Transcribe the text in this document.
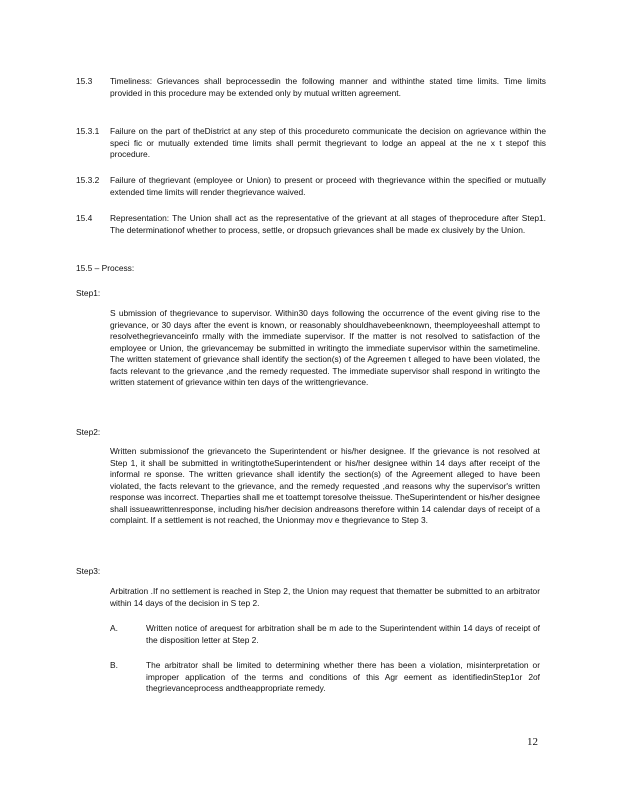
15.3	Timeliness: Grievances shall beprocessedin the following manner and withinthe stated time limits. Time limits provided in this procedure may be extended only by mutual written agreement.
15.3.1	Failure on the part of theDistrict at any step of this procedureto communicate the decision on agrievance within the speci fic or mutually extended time limits shall permit thegrievant to lodge an appeal at the ne x t stepof this procedure.
15.3.2	Failure of thegrievant (employee or Union) to present or proceed with thegrievance within the specified or mutually extended time limits will render thegrievance waived.
15.4	Representation: The Union shall act as the representative of the grievant at all stages of theprocedure after Step1. The determinationof whether to process, settle, or dropsuch grievances shall be made ex clusively by the Union.
15.5 – Process:
Step1:
S ubmission of thegrievance to supervisor. Within30 days following the occurrence of the event giving rise to the grievance, or 30 days after the event is known, or reasonably shouldhavebeenknown, theemployeeshall attempt to resolvethegrievanceinfo rmally with the immediate supervisor. If the matter is not resolved to satisfaction of the employee or Union, the grievancemay be submitted in writingto the immediate supervisor within the sametimeline. The written statement of grievance shall identify the section(s) of the Agreemen t alleged to have been violated, the facts relevant to the grievance ,and the remedy requested. The immediate supervisor shall respond in writingto the written statement of grievance within ten days of the writtengrievance.
Step2:
Written submissionof the grievanceto the Superintendent or his/her designee. If the grievance is not resolved at Step 1, it shall be submitted in writingtotheSuperintendent or his/her designee within 14 days after receipt of the informal re sponse. The written grievance shall identify the section(s) of the Agreement alleged to have been violated, the facts relevant to the grievance, and the remedy requested ,and reasons why the supervisor's written response was incorrect. Theparties shall me et toattempt toresolve theissue. TheSuperintendent or his/her designee shall issueawrittenresponse, including his/her decision andreasons therefore within 14 calendar days of receipt of a complaint. If a settlement is not reached, the Unionmay mov e thegrievance to Step 3.
Step3:
Arbitration .If no settlement is reached in Step 2, the Union may request that thematter be submitted to an arbitrator within 14 days of the decision in S tep 2.
A.	Written notice of arequest for arbitration shall be m ade to the Superintendent within 14 days of receipt of the disposition letter at Step 2.
B.	The arbitrator shall be limited to determining whether there has been a violation, misinterpretation or improper application of the terms and conditions of this Agr eement as identifiedinStep1or 2of thegrievanceprocess andtheappropriate remedy.
12
